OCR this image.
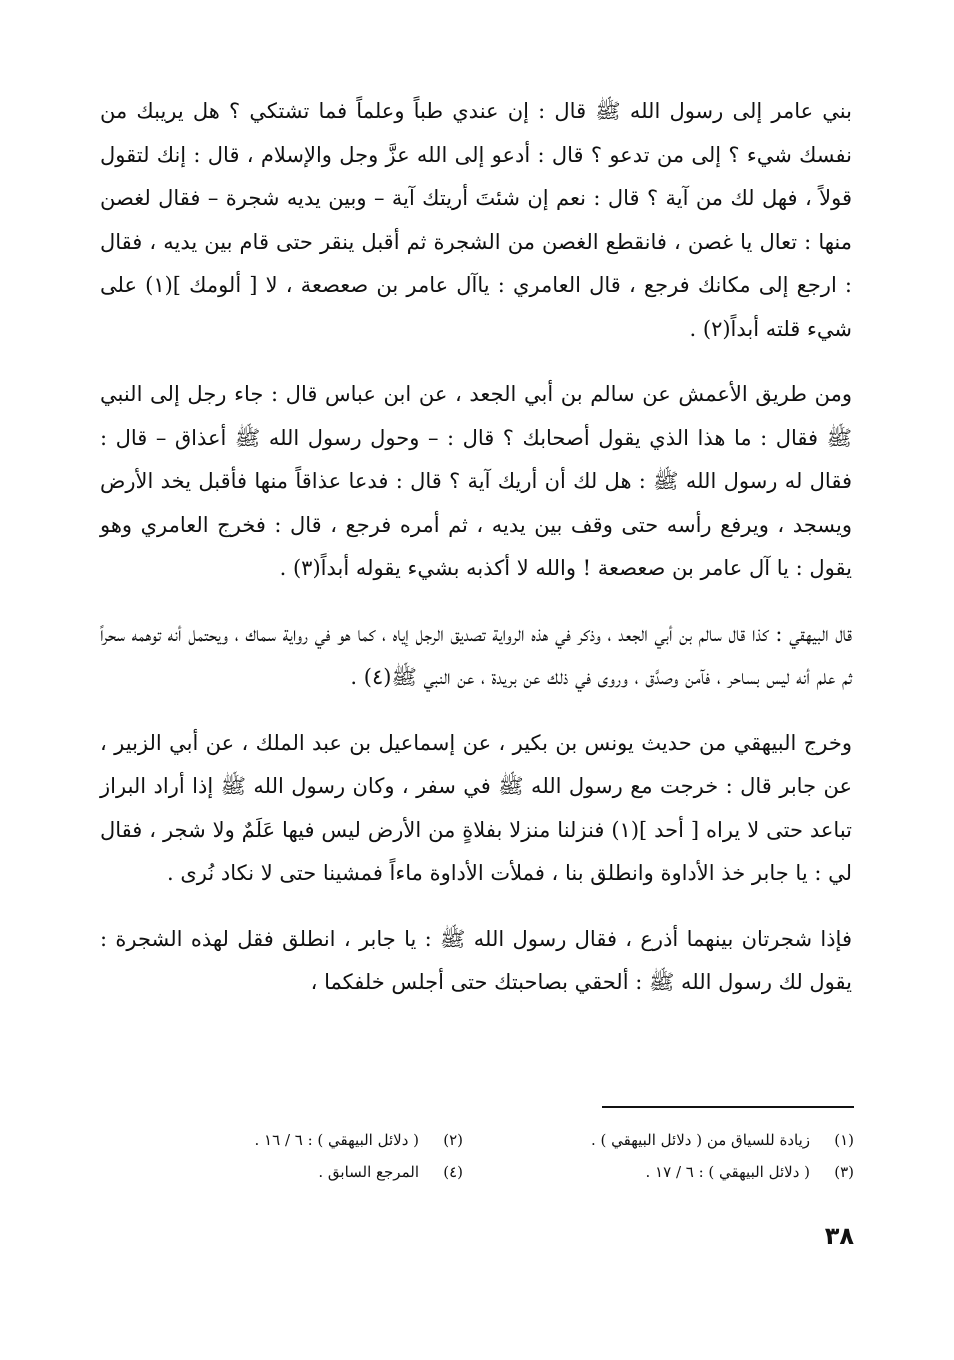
بني عامر إلى رسول الله ﷺ قال : إن عندي طباً وعلماً فما تشتكي ؟ هل يريبك من نفسك شيء ؟ إلى من تدعو ؟ قال : أدعو إلى الله عزَّ وجل والإسلام ، قال : إنك لتقول قولاً ، فهل لك من آية ؟ قال : نعم إن شئتَ أريتك آية – وبين يديه شجرة – فقال لغصن منها : تعال يا غصن ، فانقطع الغصن من الشجرة ثم أقبل ينقر حتى قام بين يديه ، فقال : ارجع إلى مكانك فرجع ، قال العامري : ياآل عامر بن صعصعة ، لا [ ألومك ](١) على شيء قلته أبداً(٢) .

ومن طريق الأعمش عن سالم بن أبي الجعد ، عن ابن عباس قال : جاء رجل إلى النبي ﷺ فقال : ما هذا الذي يقول أصحابك ؟ قال : – وحول رسول الله ﷺ أعذاق – قال : فقال له رسول الله ﷺ : هل لك أن أريك آية ؟ قال : فدعا عذاقاً منها فأقبل يخد الأرض ويسجد ، ويرفع رأسه حتى وقف بين يديه ، ثم أمره فرجع ، قال : فخرج العامري وهو يقول : يا آل عامر بن صعصعة ! والله لا أكذبه بشيء يقوله أبداً(٣) .

قال البيهقي : كذا قال سالم بن أبي الجعد ، وذكر في هذه الرواية تصديق الرجل إياه ، كما هو في رواية سماك ، ويحتمل أنه توهمه سحراً ثم علم أنه ليس بساحر ، فآمن وصدَّق ، وروى في ذلك عن بريدة ، عن النبي ﷺ(٤) .

وخرج البيهقي من حديث يونس بن بكير ، عن إسماعيل بن عبد الملك ، عن أبي الزبير ، عن جابر قال : خرجت مع رسول الله ﷺ في سفر ، وكان رسول الله ﷺ إذا أراد البراز تباعد حتى لا يراه [ أحد ](١) فنزلنا منزلا بفلاةٍ من الأرض ليس فيها عَلَمٌ ولا شجر ، فقال لي : يا جابر خذ الأداوة وانطلق بنا ، فملأت الأداوة ماءاً فمشينا حتى لا نكاد نُرى .

فإذا شجرتان بينهما أذرع ، فقال رسول الله ﷺ : يا جابر ، انطلق فقل لهذه الشجرة : يقول لك رسول الله ﷺ : ألحقي بصاحبتك حتى أجلس خلفكما ،

(١)
زيادة للسياق من ( دلائل البيهقي ) .
(٢)
( دلائل البيهقي ) : ٦ / ١٦ .
(٣)
( دلائل البيهقي ) : ٦ / ١٧ .
(٤)
المرجع السابق .
٣٨
